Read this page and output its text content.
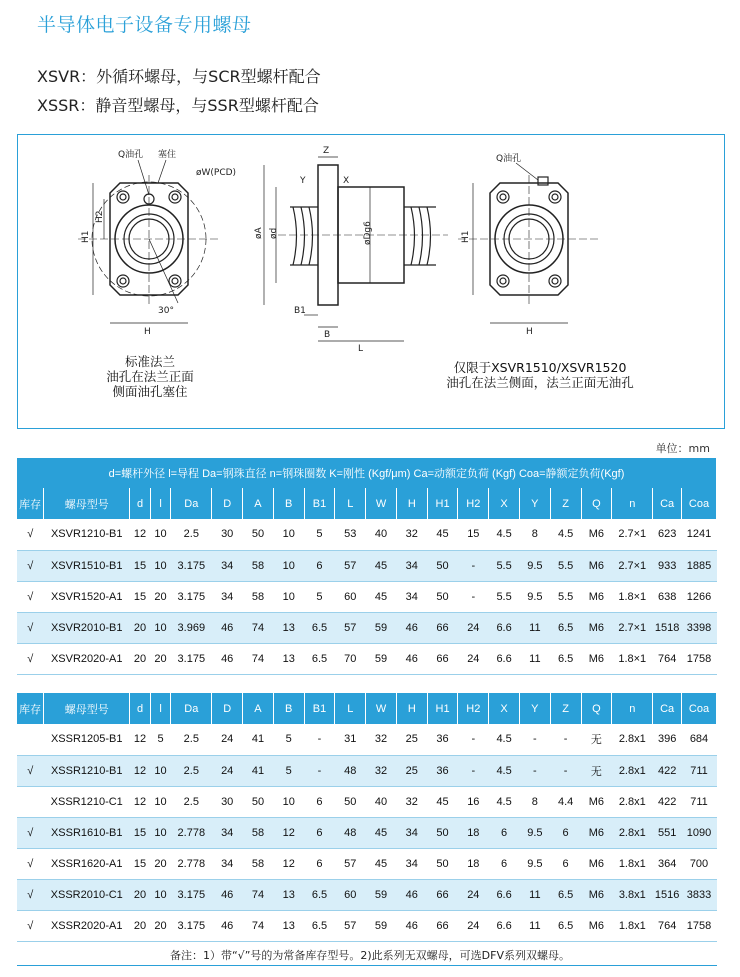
半导体电子设备专用螺母
XSVR：外循环螺母，与SCR型螺杆配合
XSSR：静音型螺母，与SSR型螺杆配合
Q油孔 塞住
øW(PCD)
H1
H2
H
30°
Z
Y	X
øA ød	øDg6
B1
B
L
Q油孔
H1
H
标准法兰
油孔在法兰正面
侧面油孔塞住
仅限于XSVR1510/XSVR1520
油孔在法兰侧面，法兰正面无油孔
单位：mm
d=螺杆外径 l=导程 Da=钢珠直径 n=钢珠圈数 K=刚性 (Kgf/μm) Ca=动额定负荷 (Kgf) Coa=静额定负荷(Kgf)																				
库存	螺母型号	d	l	Da	D	A	B	B1	L	W	H	H1	H2	X	Y	Z	Q	n	Ca	Coa
√	XSVR1210-B1	12	10	2.5	30	50	10	5	53	40	32	45	15	4.5	8	4.5	M6	2.7×1	623	1241
√	XSVR1510-B1	15	10	3.175	34	58	10	6	57	45	34	50	-	5.5	9.5	5.5	M6	2.7×1	933	1885
√	XSVR1520-A1	15	20	3.175	34	58	10	5	60	45	34	50	-	5.5	9.5	5.5	M6	1.8×1	638	1266
√	XSVR2010-B1	20	10	3.969	46	74	13	6.5	57	59	46	66	24	6.6	11	6.5	M6	2.7×1	1518	3398
√	XSVR2020-A1	20	20	3.175	46	74	13	6.5	70	59	46	66	24	6.6	11	6.5	M6	1.8×1	764	1758
库存	螺母型号	d	l	Da	D	A	B	B1	L	W	H	H1	H2	X	Y	Z	Q	n	Ca	Coa
	XSSR1205-B1	12	5	2.5	24	41	5	-	31	32	25	36	-	4.5	-	-	无	2.8x1	396	684
√	XSSR1210-B1	12	10	2.5	24	41	5	-	48	32	25	36	-	4.5	-	-	无	2.8x1	422	711
	XSSR1210-C1	12	10	2.5	30	50	10	6	50	40	32	45	16	4.5	8	4.4	M6	2.8x1	422	711
√	XSSR1610-B1	15	10	2.778	34	58	12	6	48	45	34	50	18	6	9.5	6	M6	2.8x1	551	1090
√	XSSR1620-A1	15	20	2.778	34	58	12	6	57	45	34	50	18	6	9.5	6	M6	1.8x1	364	700
√	XSSR2010-C1	20	10	3.175	46	74	13	6.5	60	59	46	66	24	6.6	11	6.5	M6	3.8x1	1516	3833
√	XSSR2020-A1	20	20	3.175	46	74	13	6.5	57	59	46	66	24	6.6	11	6.5	M6	1.8x1	764	1758
备注：1）带“√”号的为常备库存型号。2)此系列无双螺母，可选DFV系列双螺母。
